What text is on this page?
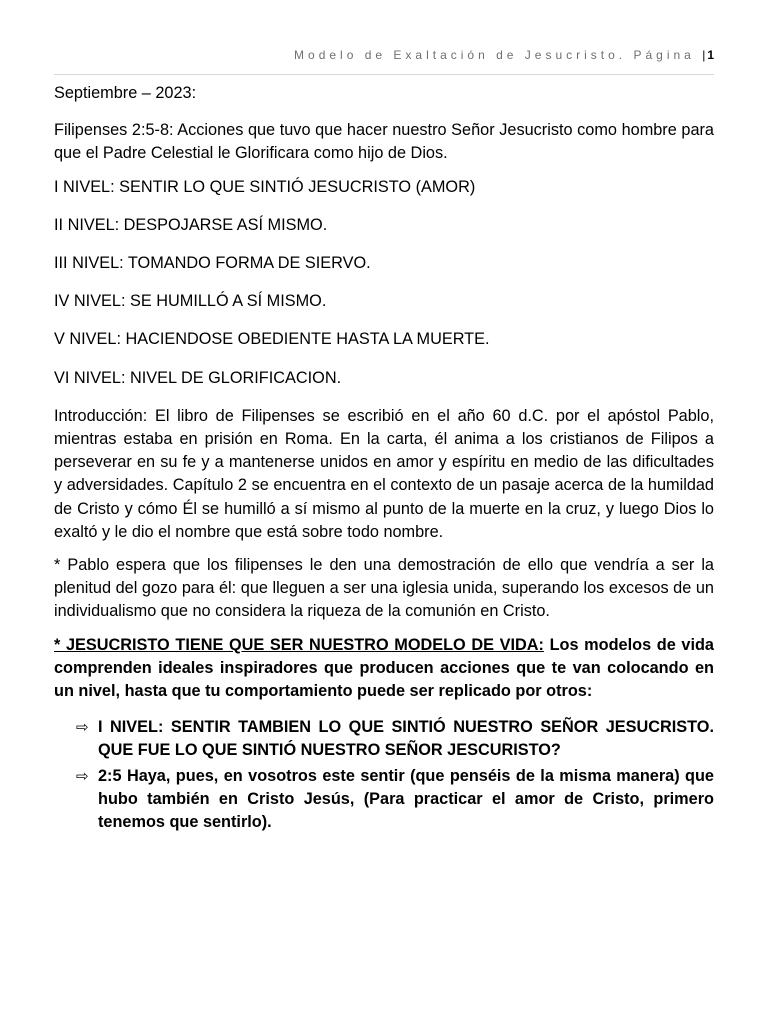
Modelo de Exaltación de Jesucristo. Página |1

Septiembre – 2023:

Filipenses 2:5-8: Acciones que tuvo que hacer nuestro Señor Jesucristo como hombre para que el Padre Celestial le Glorificara como hijo de Dios.

I NIVEL: SENTIR LO QUE SINTIÓ JESUCRISTO (AMOR)

II NIVEL: DESPOJARSE ASÍ MISMO.

III NIVEL: TOMANDO FORMA DE SIERVO.

IV NIVEL: SE HUMILLÓ A SÍ MISMO.

V NIVEL: HACIENDOSE OBEDIENTE HASTA LA MUERTE.

VI NIVEL: NIVEL DE GLORIFICACION.

Introducción: El libro de Filipenses se escribió en el año 60 d.C. por el apóstol Pablo, mientras estaba en prisión en Roma. En la carta, él anima a los cristianos de Filipos a perseverar en su fe y a mantenerse unidos en amor y espíritu en medio de las dificultades y adversidades. Capítulo 2 se encuentra en el contexto de un pasaje acerca de la humildad de Cristo y cómo Él se humilló a sí mismo al punto de la muerte en la cruz, y luego Dios lo exaltó y le dio el nombre que está sobre todo nombre.

* Pablo espera que los filipenses le den una demostración de ello que vendría a ser la plenitud del gozo para él: que lleguen a ser una iglesia unida, superando los excesos de un individualismo que no considera la riqueza de la comunión en Cristo.

* JESUCRISTO TIENE QUE SER NUESTRO MODELO DE VIDA: Los modelos de vida comprenden ideales inspiradores que producen acciones que te van colocando en un nivel, hasta que tu comportamiento puede ser replicado por otros:

⇨ I NIVEL: SENTIR TAMBIEN LO QUE SINTIÓ NUESTRO SEÑOR JESUCRISTO. QUE FUE LO QUE SINTIÓ NUESTRO SEÑOR JESCURISTO?
⇨ 2:5 Haya, pues, en vosotros este sentir (que penséis de la misma manera) que hubo también en Cristo Jesús, (Para practicar el amor de Cristo, primero tenemos que sentirlo).
